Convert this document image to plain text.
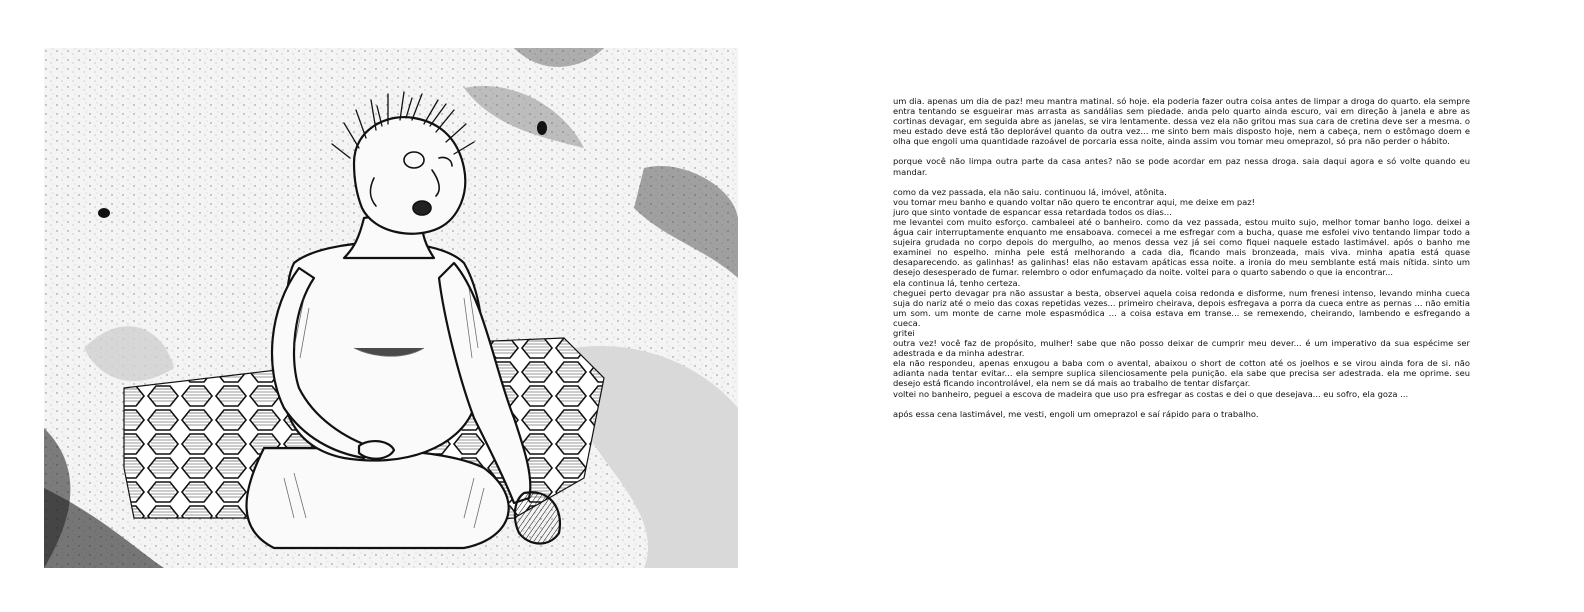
um dia. apenas um dia de paz! meu mantra matinal. só hoje. ela poderia fazer outra coisa antes de limpar a droga do quarto. ela sempre entra tentando se esgueirar mas arrasta as sandálias sem piedade. anda pelo quarto ainda escuro, vai em direção à janela e abre as cortinas devagar, em seguida abre as janelas, se vira lentamente. dessa vez ela não gritou mas sua cara de cretina deve ser a mesma. o meu estado deve está tão deplorável quanto da outra vez... me sinto bem mais disposto hoje, nem a cabeça, nem o estômago doem e olha que engoli uma quantidade razoável de porcaria essa noite, ainda assim vou tomar meu omeprazol, só pra não perder o hábito.

porque você não limpa outra parte da casa antes? não se pode acordar em paz nessa droga. saia daqui agora e só volte quando eu mandar.

como da vez passada, ela não saiu. continuou lá, imóvel, atônita.

vou tomar meu banho e quando voltar não quero te encontrar aqui, me deixe em paz!

juro que sinto vontade de espancar essa retardada todos os dias...

me levantei com muito esforço. cambaleei até o banheiro. como da vez passada, estou muito sujo, melhor tomar banho logo. deixei a água cair interruptamente enquanto me ensaboava. comecei a me esfregar com a bucha, quase me esfolei vivo tentando limpar todo a sujeira grudada no corpo depois do mergulho, ao menos dessa vez já sei como fiquei naquele estado lastimável. após o banho me examinei no espelho. minha pele está melhorando a cada dia, ficando mais bronzeada, mais viva. minha apatia está quase desaparecendo. as galinhas! as galinhas! elas não estavam apáticas essa noite. a ironia do meu semblante está mais nítida. sinto um desejo desesperado de fumar. relembro o odor enfumaçado da noite. voltei para o quarto sabendo o que ia encontrar...

ela continua lá, tenho certeza.

cheguei perto devagar pra não assustar a besta, observei aquela coisa redonda e disforme, num frenesi intenso, levando minha cueca suja do nariz até o meio das coxas repetidas vezes... primeiro cheirava, depois esfregava a porra da cueca entre as pernas ... não emitia um som. um monte de carne mole espasmódica ... a coisa estava em transe... se remexendo, cheirando, lambendo e esfregando a cueca.

gritei

outra vez! você faz de propósito, mulher! sabe que não posso deixar de cumprir meu dever... é um imperativo da sua espécime ser adestrada e da minha adestrar.

ela não respondeu, apenas enxugou a baba com o avental, abaixou o short de cotton até os joelhos e se virou ainda fora de si. não adianta nada tentar evitar... ela sempre suplica silenciosamente pela punição. ela sabe que precisa ser adestrada. ela me oprime. seu desejo está ficando incontrolável, ela nem se dá mais ao trabalho de tentar disfarçar.

voltei no banheiro, peguei a escova de madeira que uso pra esfregar as costas e dei o que desejava... eu sofro, ela goza ...

após essa cena lastimável, me vesti, engoli um omeprazol e saí rápido para o trabalho.
